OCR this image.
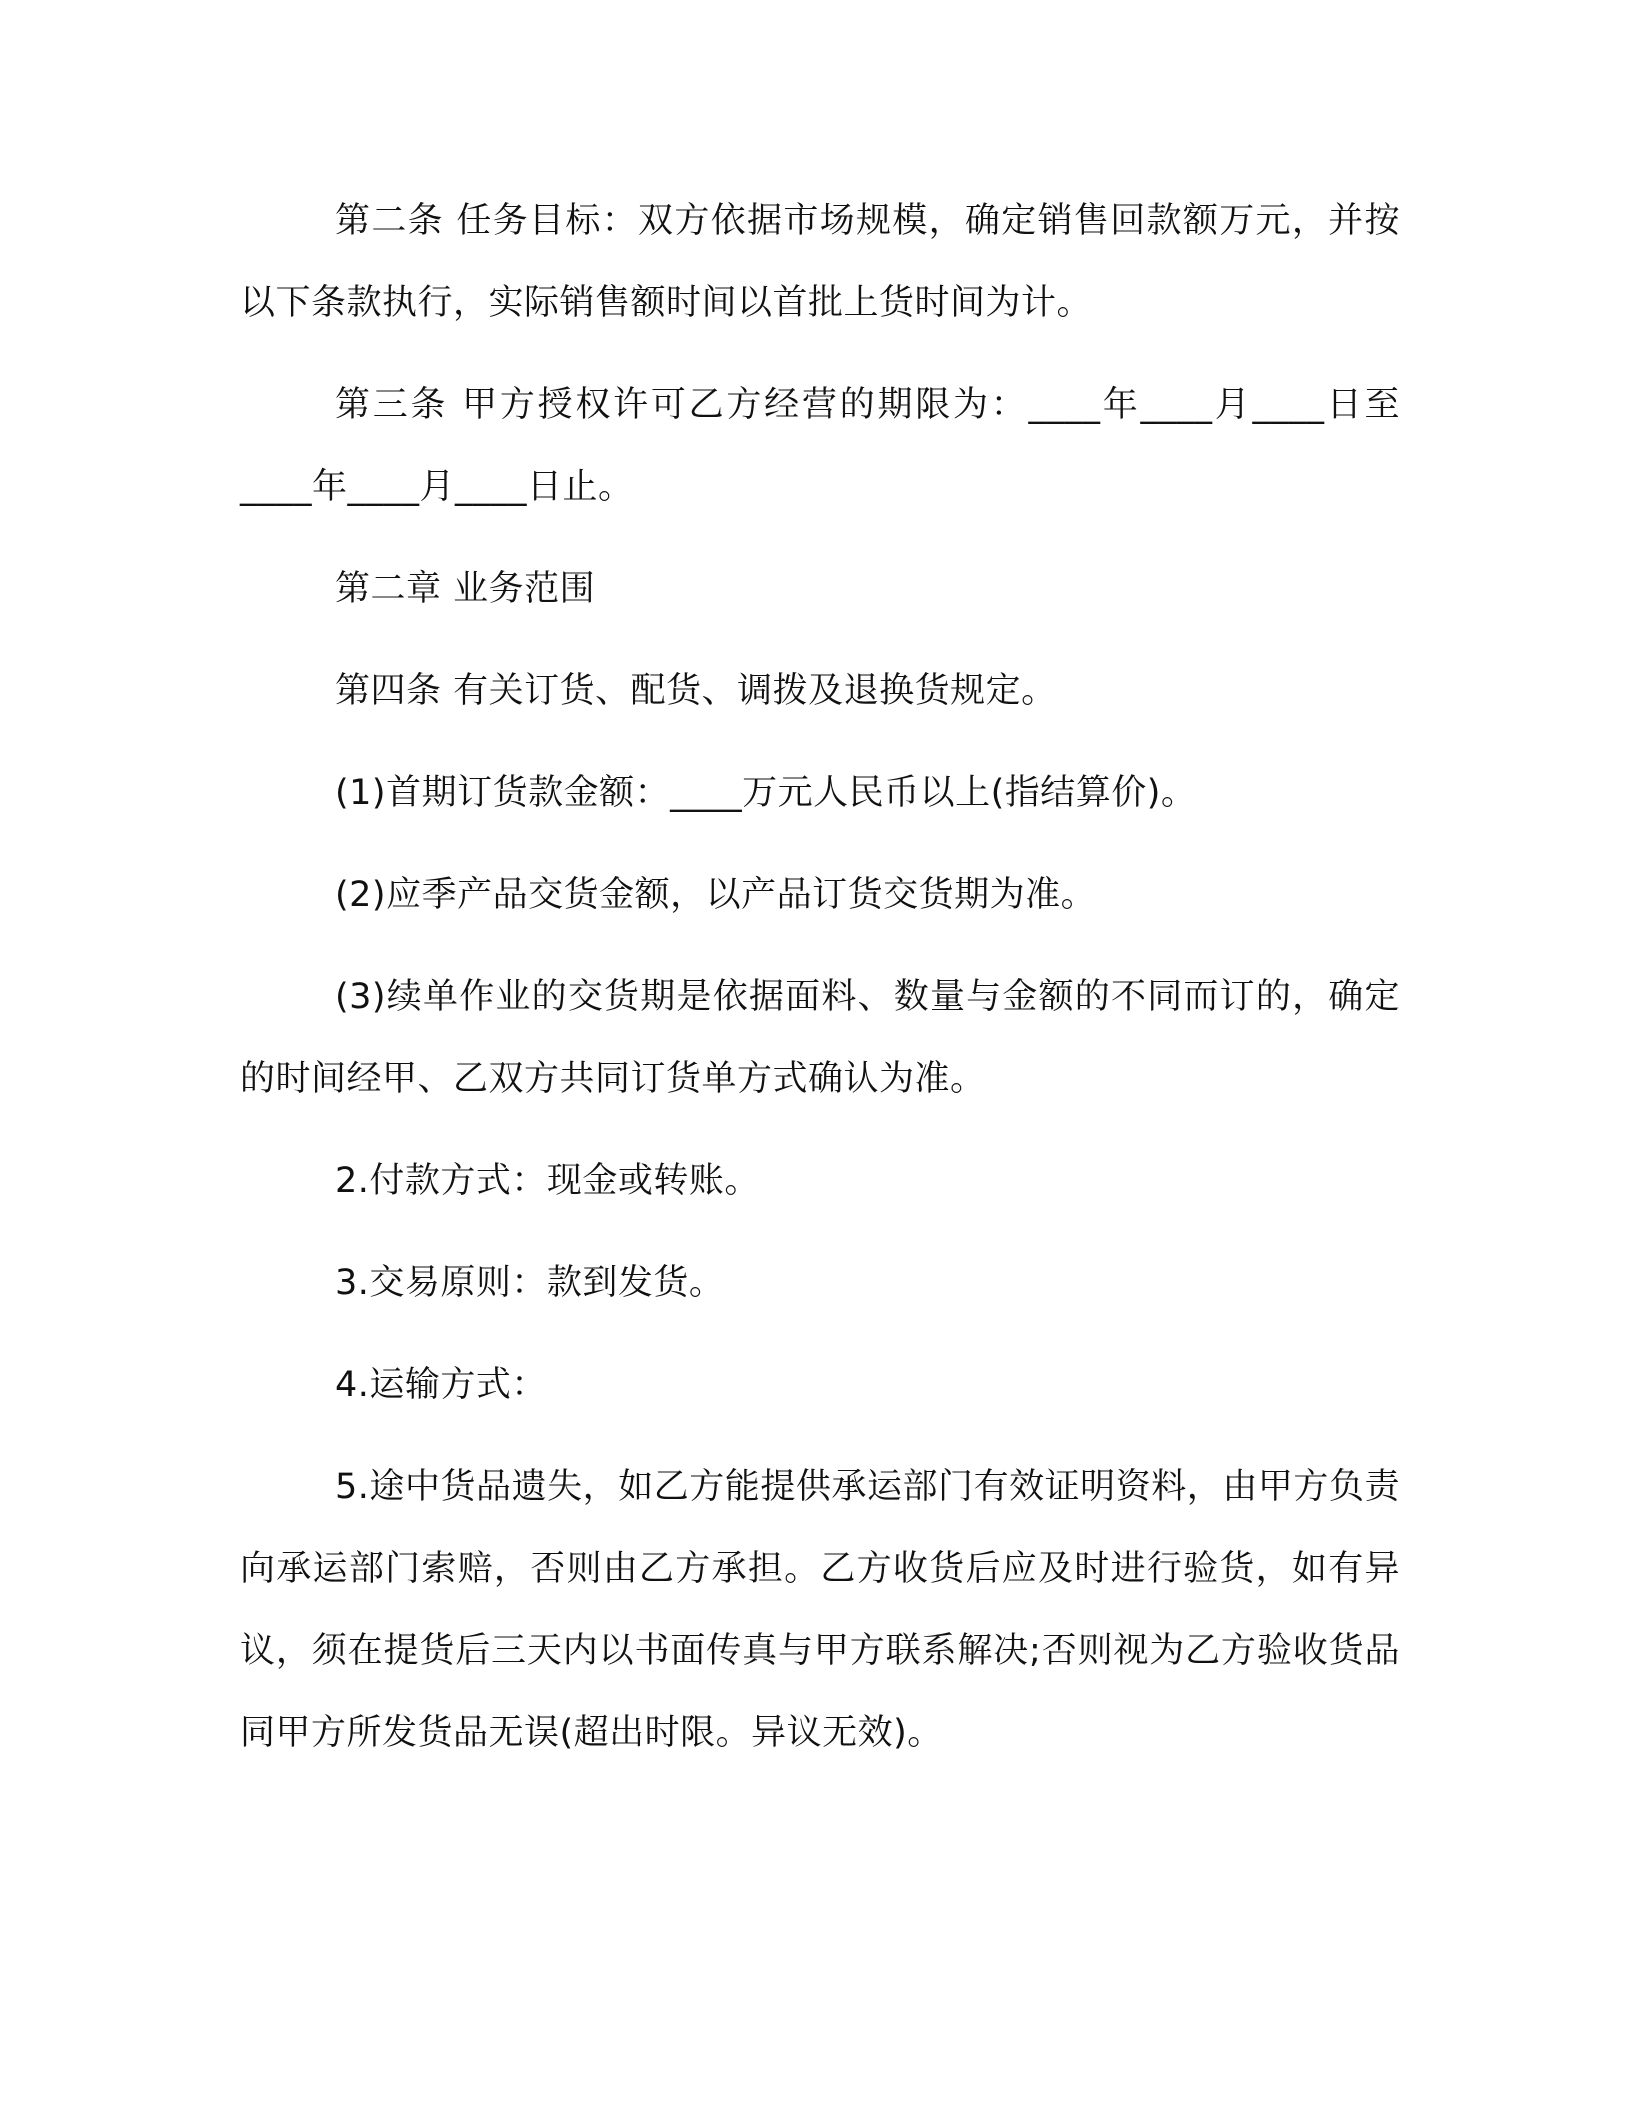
第二条 任务目标：双方依据市场规模，确定销售回款额万元，并按以下条款执行，实际销售额时间以首批上货时间为计。

第三条 甲方授权许可乙方经营的期限为：____年____月____日至____年____月____日止。

第二章 业务范围

第四条 有关订货、配货、调拨及退换货规定。

(1)首期订货款金额：____万元人民币以上(指结算价)。

(2)应季产品交货金额，以产品订货交货期为准。

(3)续单作业的交货期是依据面料、数量与金额的不同而订的，确定的时间经甲、乙双方共同订货单方式确认为准。

2.付款方式：现金或转账。

3.交易原则：款到发货。

4.运输方式：

5.途中货品遗失，如乙方能提供承运部门有效证明资料，由甲方负责向承运部门索赔，否则由乙方承担。乙方收货后应及时进行验货，如有异议，须在提货后三天内以书面传真与甲方联系解决;否则视为乙方验收货品同甲方所发货品无误(超出时限。异议无效)。
